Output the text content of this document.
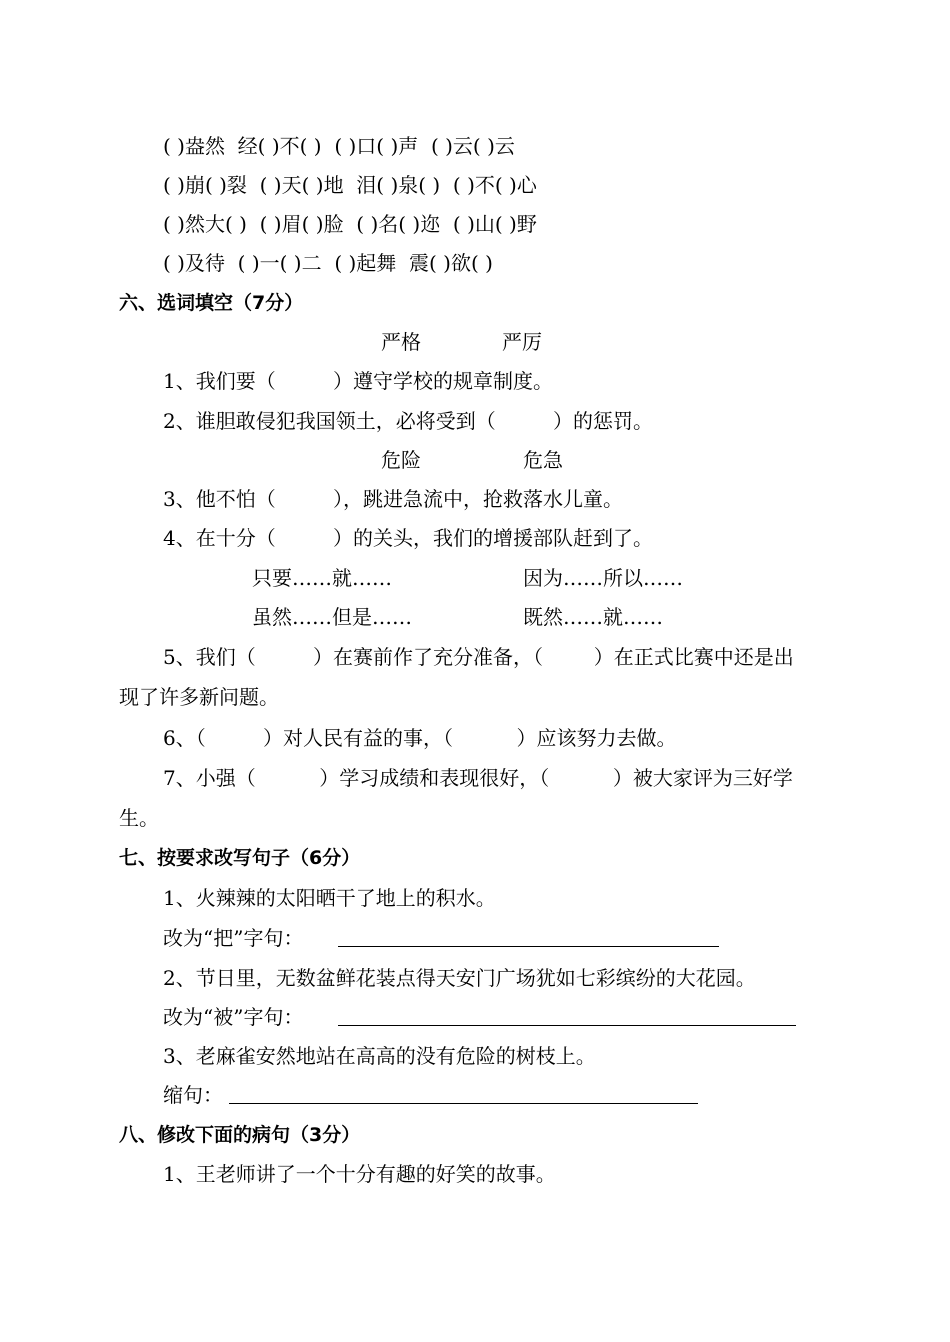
( )盎然  经( )不( )  ( )口( )声  ( )云( )云
( )崩( )裂  ( )天( )地  泪( )泉( )  ( )不( )心
( )然大( )  ( )眉( )脸  ( )名( )迩  ( )山( )野
( )及待  ( )一( )二  ( )起舞  震( )欲( )
六、选词填空（7分）
严格	严厉
1、我们要（         ）遵守学校的规章制度。
2、谁胆敢侵犯我国领土，必将受到（         ）的惩罚。
危险	危急
3、他不怕（         ），跳进急流中，抢救落水儿童。
4、在十分（         ）的关头，我们的增援部队赶到了。
只要……就……	因为……所以……
虽然……但是……	既然……就……
5、我们（         ）在赛前作了充分准备，（        ）在正式比赛中还是出
现了许多新问题。
6、（         ）对人民有益的事，（          ）应该努力去做。
7、小强（          ）学习成绩和表现很好，（          ）被大家评为三好学
生。
七、按要求改写句子（6分）
1、火辣辣的太阳晒干了地上的积水。
改为“把”字句：
2、节日里，无数盆鲜花装点得天安门广场犹如七彩缤纷的大花园。
改为“被”字句：
3、老麻雀安然地站在高高的没有危险的树枝上。
缩句：
八、修改下面的病句（3分）
1、王老师讲了一个十分有趣的好笑的故事。
